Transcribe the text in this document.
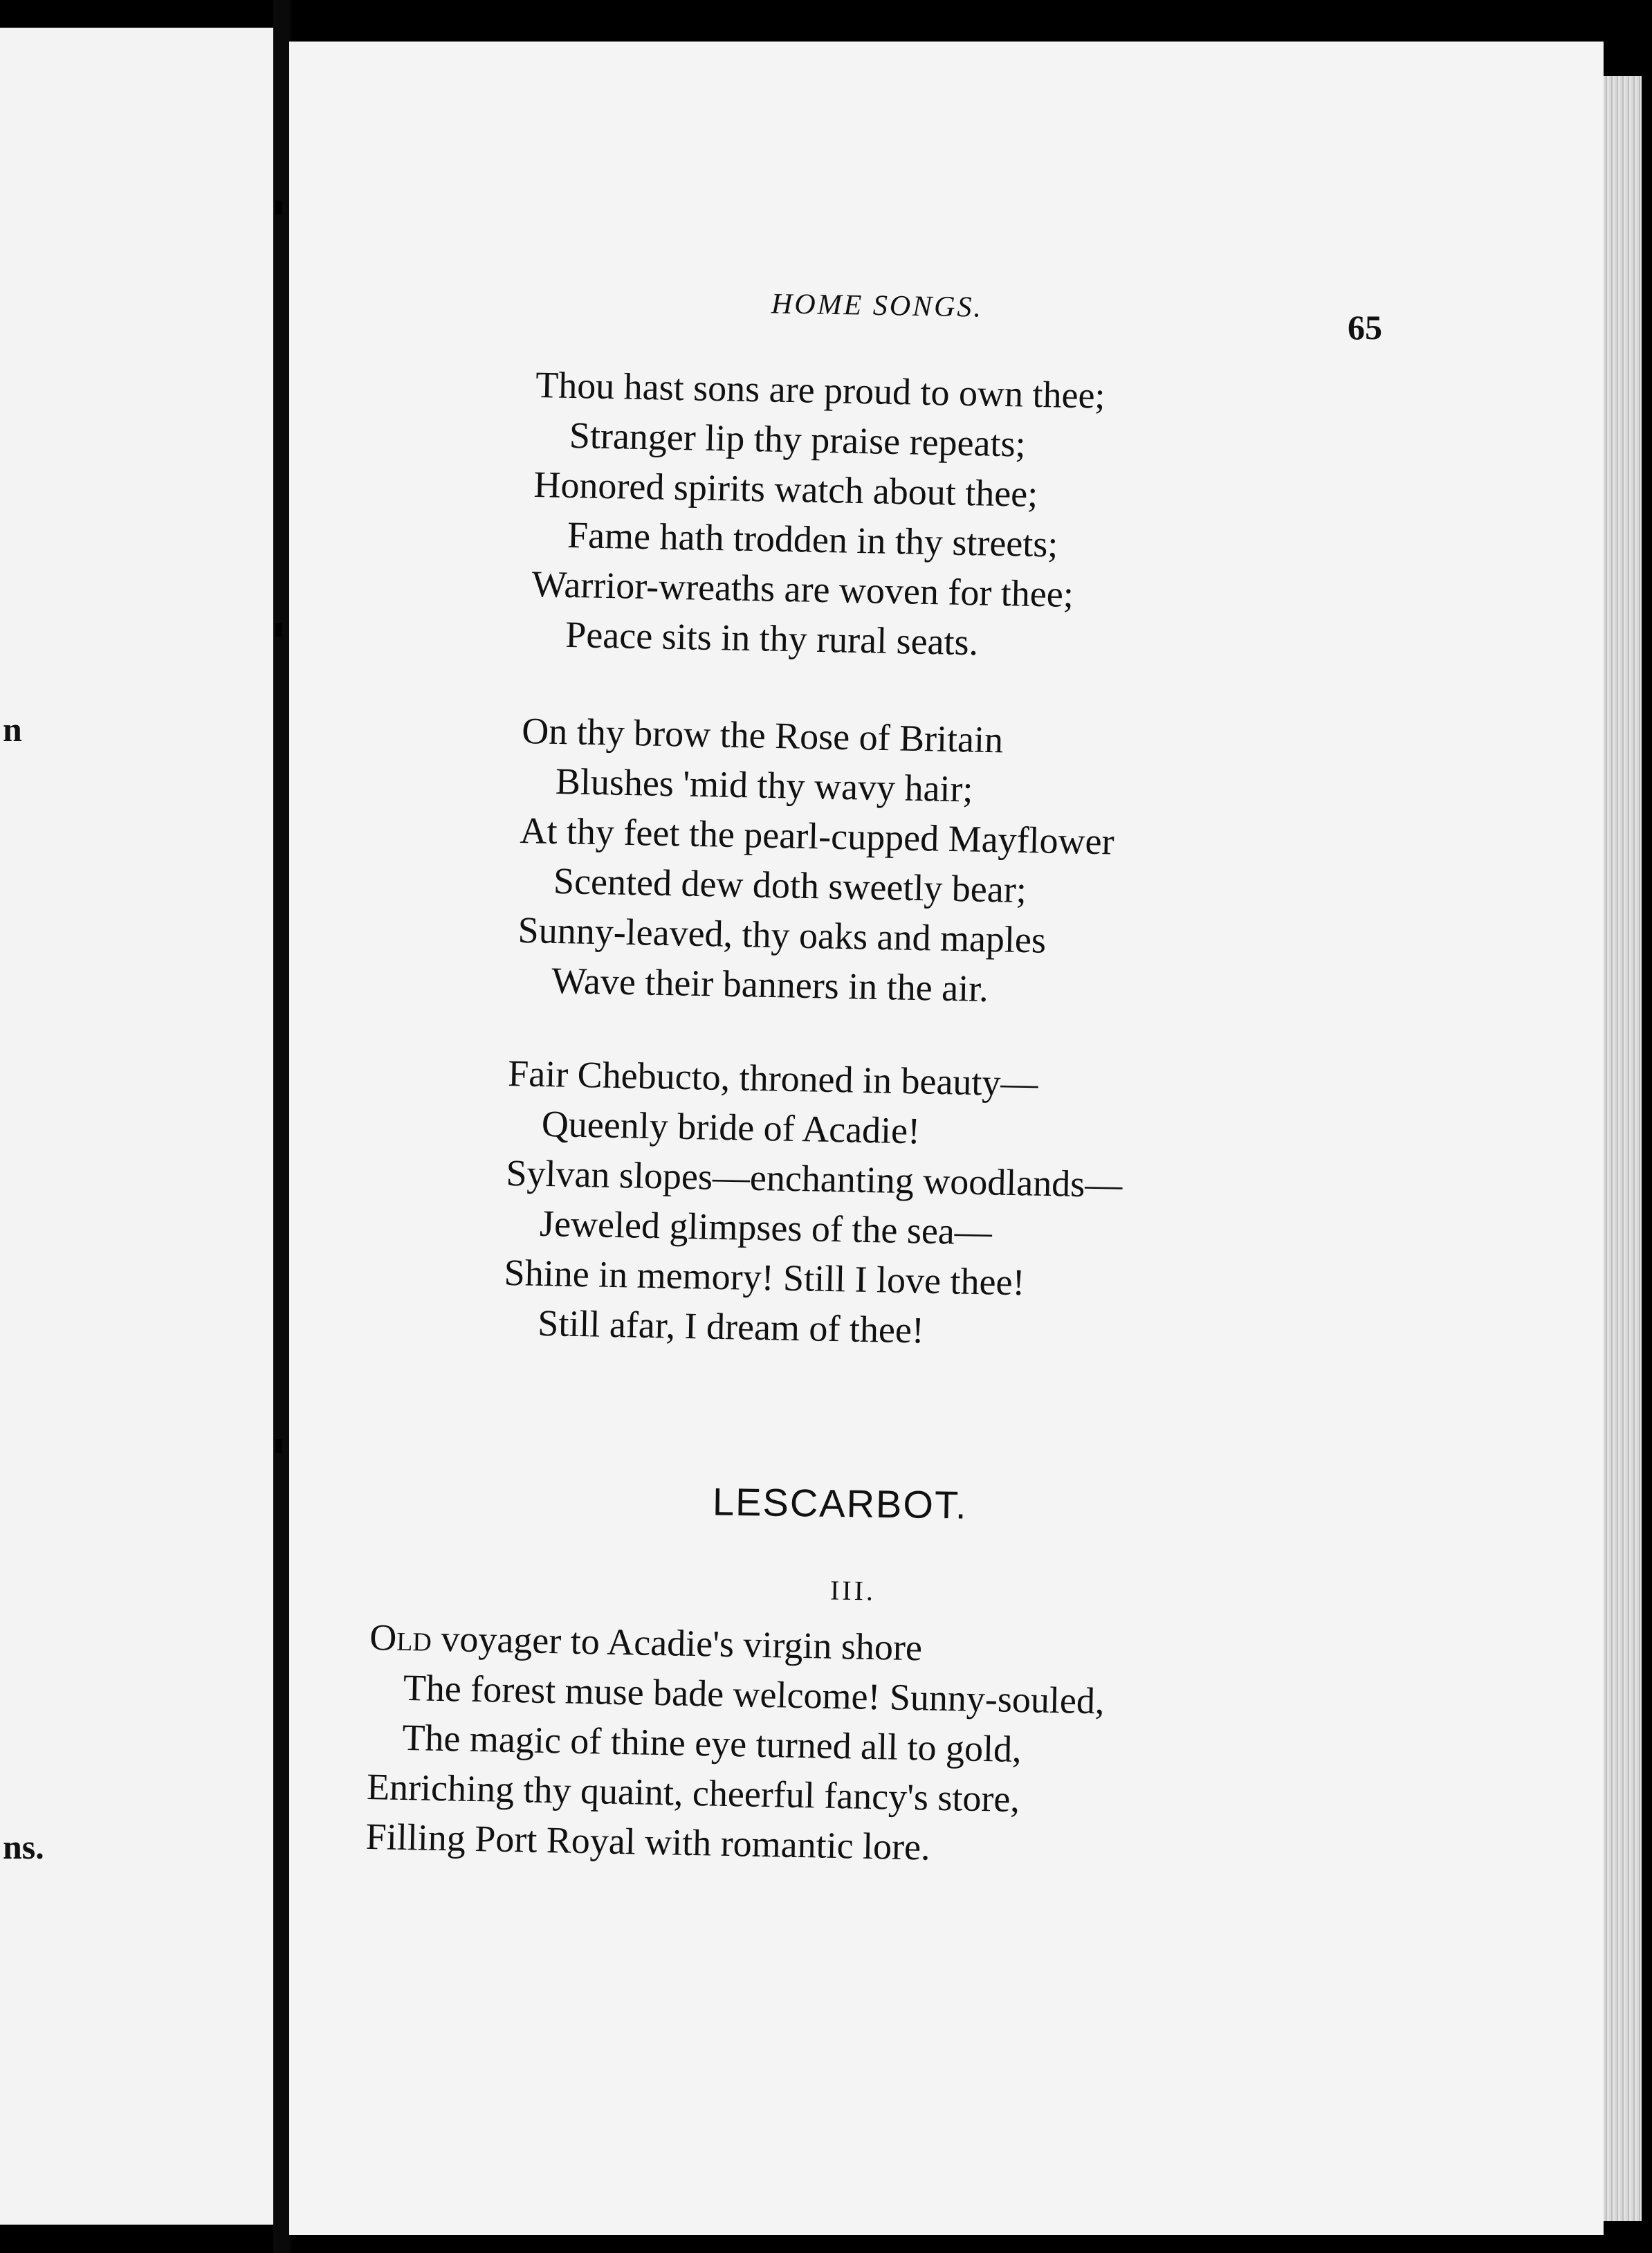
n
ns.
HOME SONGS.
65
Thou hast sons are proud to own thee;
Stranger lip thy praise repeats;
Honored spirits watch about thee;
Fame hath trodden in thy streets;
Warrior-wreaths are woven for thee;
Peace sits in thy rural seats.
On thy brow the Rose of Britain
Blushes 'mid thy wavy hair;
At thy feet the pearl-cupped Mayflower
Scented dew doth sweetly bear;
Sunny-leaved, thy oaks and maples
Wave their banners in the air.
Fair Chebucto, throned in beauty—
Queenly bride of Acadie!
Sylvan slopes—enchanting woodlands—
Jeweled glimpses of the sea—
Shine in memory! Still I love thee!
Still afar, I dream of thee!
LESCARBOT.
III.
Old voyager to Acadie's virgin shore
The forest muse bade welcome! Sunny-souled,
The magic of thine eye turned all to gold,
Enriching thy quaint, cheerful fancy's store,
Filling Port Royal with romantic lore.
